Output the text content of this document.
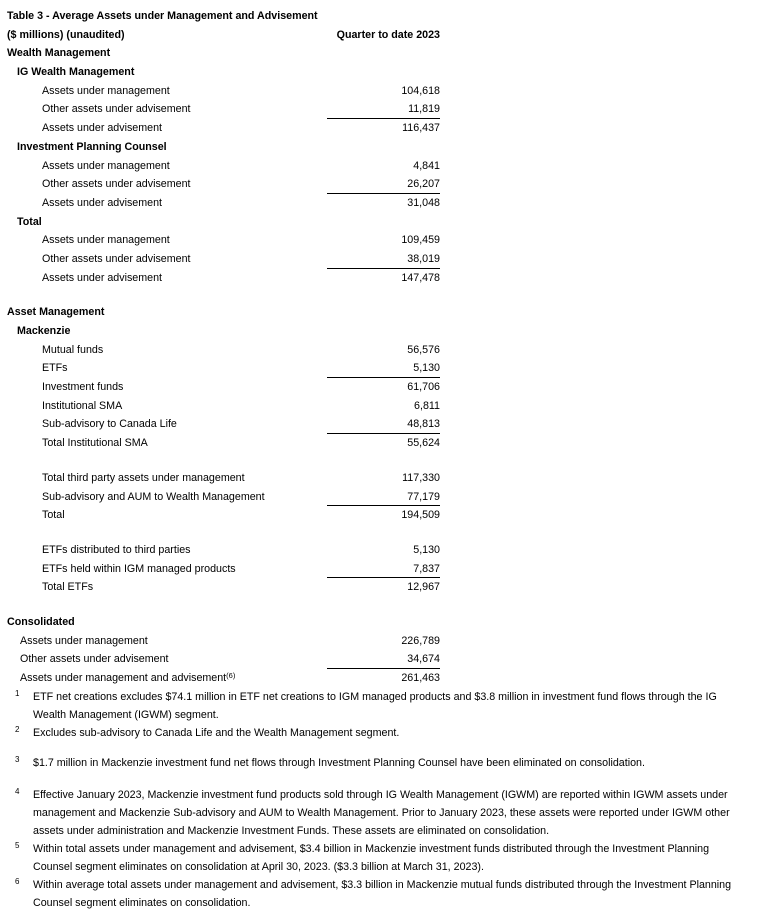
Table 3 - Average Assets under Management and Advisement
($ millions) (unaudited)	Quarter to date 2023
Wealth Management
IG Wealth Management
Assets under management	104,618
Other assets under advisement	11,819
Assets under advisement	116,437
Investment Planning Counsel
Assets under management	4,841
Other assets under advisement	26,207
Assets under advisement	31,048
Total
Assets under management	109,459
Other assets under advisement	38,019
Assets under advisement	147,478
Asset Management
Mackenzie
Mutual funds	56,576
ETFs	5,130
Investment funds	61,706
Institutional SMA	6,811
Sub-advisory to Canada Life	48,813
Total Institutional SMA	55,624
Total third party assets under management	117,330
Sub-advisory and AUM to Wealth Management	77,179
Total	194,509
ETFs distributed to third parties	5,130
ETFs held within IGM managed products	7,837
Total ETFs	12,967
Consolidated
Assets under management	226,789
Other assets under advisement	34,674
Assets under management and advisement$^{(6)}$	261,463
1 ETF net creations excludes $74.1 million in ETF net creations to IGM managed products and $3.8 million in investment fund flows through the IG Wealth Management (IGWM) segment.
2 Excludes sub-advisory to Canada Life and the Wealth Management segment.
3 $1.7 million in Mackenzie investment fund net flows through Investment Planning Counsel have been eliminated on consolidation.
4 Effective January 2023, Mackenzie investment fund products sold through IG Wealth Management (IGWM) are reported within IGWM assets under management and Mackenzie Sub-advisory and AUM to Wealth Management. Prior to January 2023, these assets were reported under IGWM other assets under administration and Mackenzie Investment Funds. These assets are eliminated on consolidation.
5 Within total assets under management and advisement, $3.4 billion in Mackenzie investment funds distributed through the Investment Planning Counsel segment eliminates on consolidation at April 30, 2023. ($3.3 billion at March 31, 2023).
6 Within average total assets under management and advisement, $3.3 billion in Mackenzie mutual funds distributed through the Investment Planning Counsel segment eliminates on consolidation.
